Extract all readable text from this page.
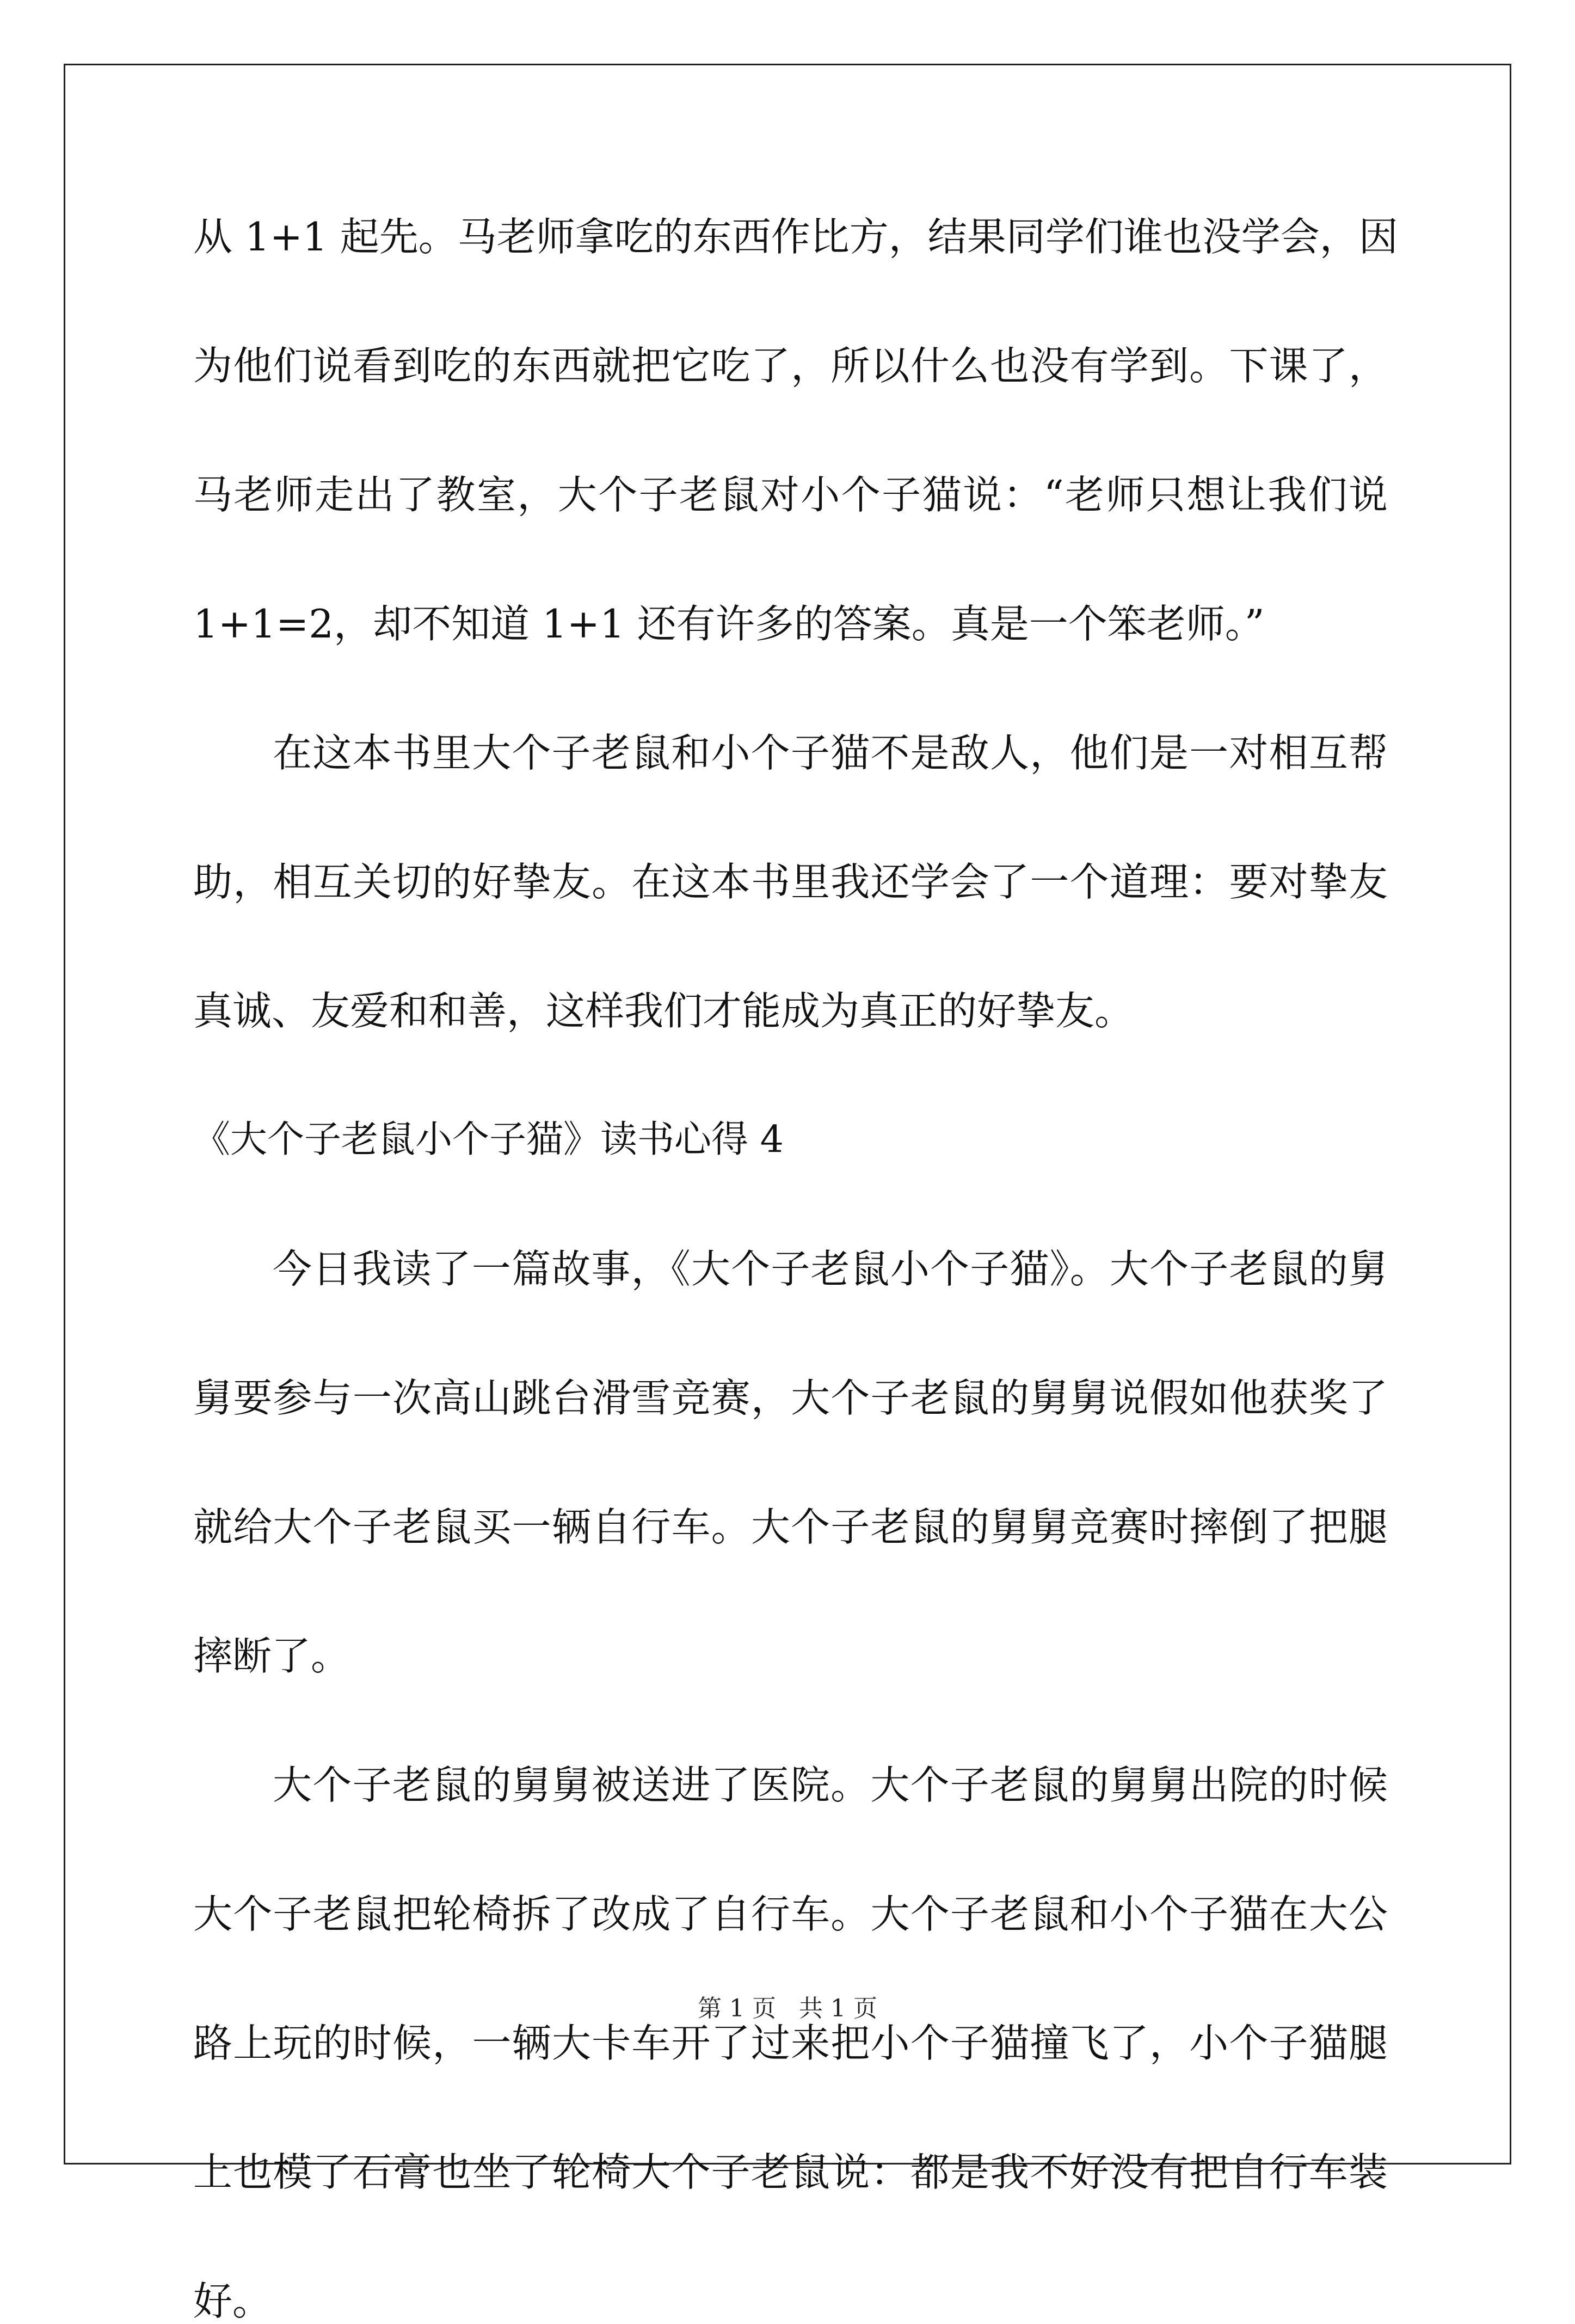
从 1+1 起先。马老师拿吃的东西作比方，结果同学们谁也没学会，因
为他们说看到吃的东西就把它吃了，所以什么也没有学到。下课了，
马老师走出了教室，大个子老鼠对小个子猫说：“老师只想让我们说
1+1=2，却不知道 1+1 还有许多的答案。真是一个笨老师。”
在这本书里大个子老鼠和小个子猫不是敌人，他们是一对相互帮
助，相互关切的好挚友。在这本书里我还学会了一个道理：要对挚友
真诚、友爱和和善，这样我们才能成为真正的好挚友。
《大个子老鼠小个子猫》读书心得 4
今日我读了一篇故事，《大个子老鼠小个子猫》。大个子老鼠的舅
舅要参与一次高山跳台滑雪竞赛，大个子老鼠的舅舅说假如他获奖了
就给大个子老鼠买一辆自行车。大个子老鼠的舅舅竞赛时摔倒了把腿
摔断了。
大个子老鼠的舅舅被送进了医院。大个子老鼠的舅舅出院的时候
大个子老鼠把轮椅拆了改成了自行车。大个子老鼠和小个子猫在大公
路上玩的时候，一辆大卡车开了过来把小个子猫撞飞了，小个子猫腿
上也模了石膏也坐了轮椅大个子老鼠说：都是我不好没有把自行车装
好。
第 1 页 共 1 页
